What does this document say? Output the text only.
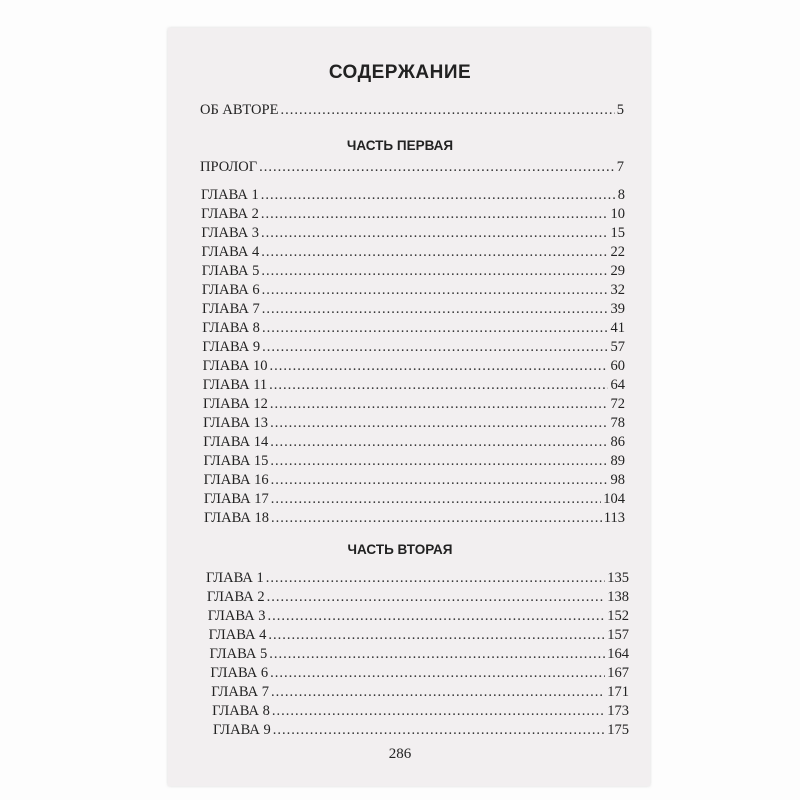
СОДЕРЖАНИЕ
ОБ АВТОРЕ .....	5
ЧАСТЬ ПЕРВАЯ
ПРОЛОГ .....	7
ГЛАВА 1 .....	8
ГЛАВА 2 .....	10
ГЛАВА 3 .....	15
ГЛАВА 4 .....	22
ГЛАВА 5 .....	29
ГЛАВА 6 .....	32
ГЛАВА 7 .....	39
ГЛАВА 8 .....	41
ГЛАВА 9 .....	57
ГЛАВА 10 .....	60
ГЛАВА 11 .....	64
ГЛАВА 12 .....	72
ГЛАВА 13 .....	78
ГЛАВА 14 .....	86
ГЛАВА 15 .....	89
ГЛАВА 16 .....	98
ГЛАВА 17 .....	104
ГЛАВА 18 .....	113
ЧАСТЬ ВТОРАЯ
ГЛАВА 1 .....	135
ГЛАВА 2 .....	138
ГЛАВА 3 .....	152
ГЛАВА 4 .....	157
ГЛАВА 5 .....	164
ГЛАВА 6 .....	167
ГЛАВА 7 .....	171
ГЛАВА 8 .....	173
ГЛАВА 9 .....	175
286
